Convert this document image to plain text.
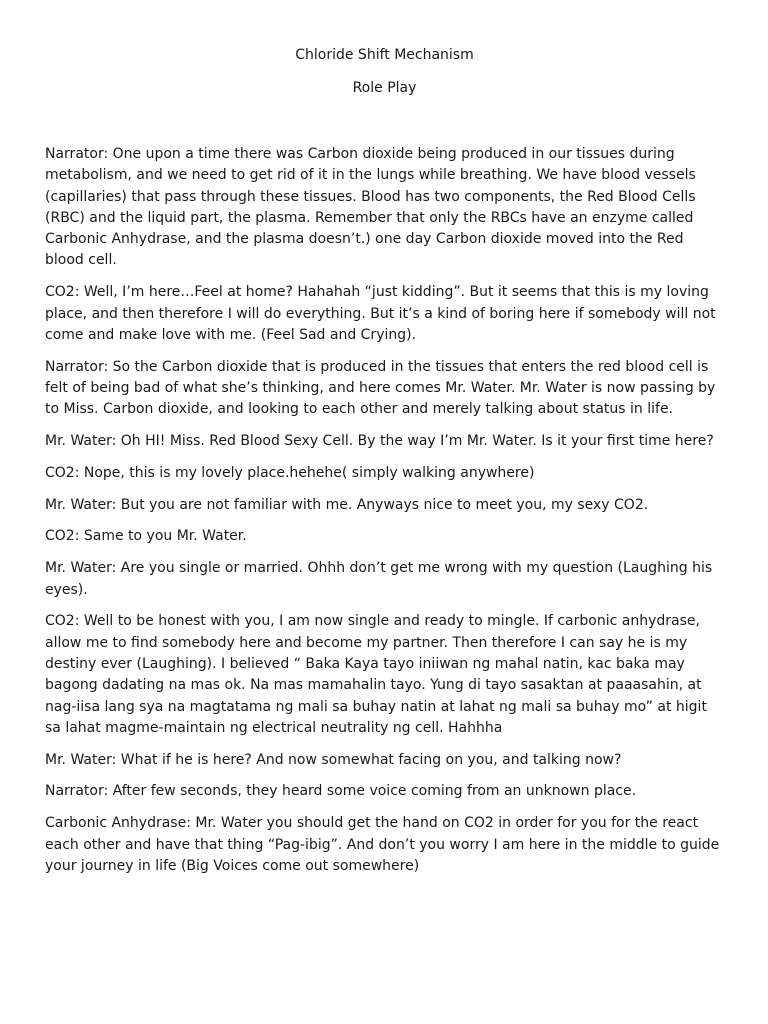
Chloride Shift Mechanism
Role Play

Narrator: One upon a time there was Carbon dioxide being produced in our tissues during metabolism, and we need to get rid of it in the lungs while breathing. We have blood vessels (capillaries) that pass through these tissues. Blood has two components, the Red Blood Cells (RBC) and the liquid part, the plasma. Remember that only the RBCs have an enzyme called Carbonic Anhydrase, and the plasma doesn’t.) one day Carbon dioxide moved into the Red blood cell.

CO2: Well, I’m here…Feel at home? Hahahah “just kidding”. But it seems that this is my loving place, and then therefore I will do everything. But it’s a kind of boring here if somebody will not come and make love with me. (Feel Sad and Crying).

Narrator: So the Carbon dioxide that is produced in the tissues that enters the red blood cell is felt of being bad of what she’s thinking, and here comes Mr. Water. Mr. Water is now passing by to Miss. Carbon dioxide, and looking to each other and merely talking about status in life.

Mr. Water: Oh HI! Miss. Red Blood Sexy Cell. By the way I’m Mr. Water. Is it your first time here?

CO2: Nope, this is my lovely place.hehehe( simply walking anywhere)

Mr. Water: But you are not familiar with me. Anyways nice to meet you, my sexy CO2.

CO2: Same to you Mr. Water.

Mr. Water: Are you single or married. Ohhh don’t get me wrong with my question (Laughing his eyes).

CO2: Well to be honest with you, I am now single and ready to mingle. If carbonic anhydrase, allow me to find somebody here and become my partner. Then therefore I can say he is my destiny ever (Laughing). I believed “ Baka Kaya tayo iniiwan ng mahal natin, kac baka may bagong dadating na mas ok. Na mas mamahalin tayo. Yung di tayo sasaktan at paaasahin, at nag-iisa lang sya na magtatama ng mali sa buhay natin at lahat ng mali sa buhay mo” at higit sa lahat magme-maintain ng electrical neutrality ng cell. Hahhha

Mr. Water: What if he is here? And now somewhat facing on you, and talking now?

Narrator: After few seconds, they heard some voice coming from an unknown place.

Carbonic Anhydrase: Mr. Water you should get the hand on CO2 in order for you for the react each other and have that thing “Pag-ibig”. And don’t you worry I am here in the middle to guide your journey in life (Big Voices come out somewhere)
